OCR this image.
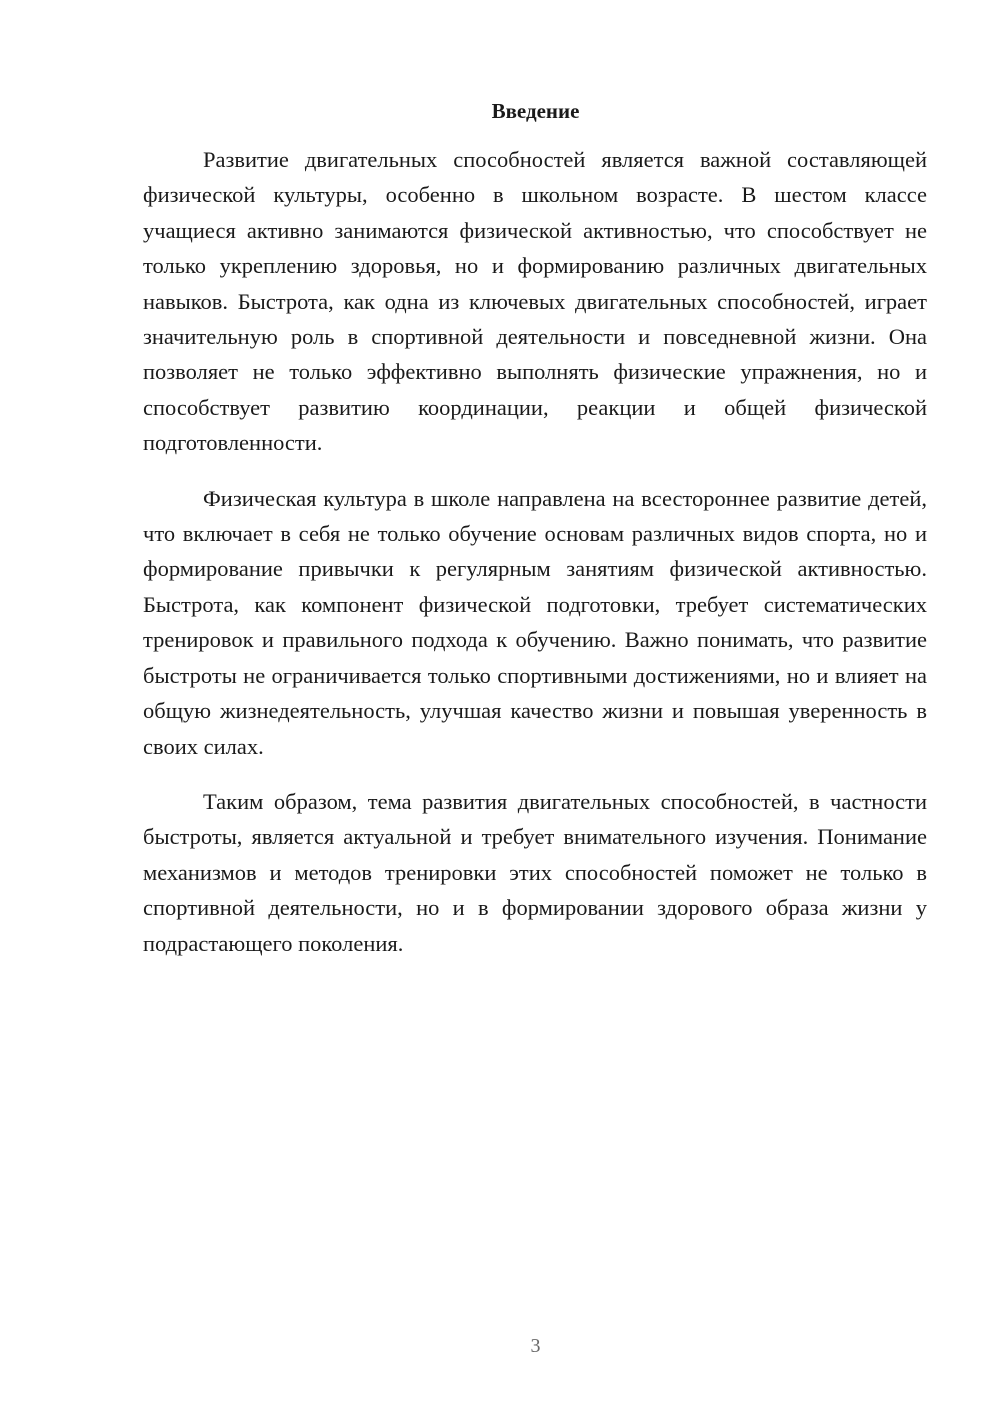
Введение

Развитие двигательных способностей является важной составляющей физической культуры, особенно в школьном возрасте. В шестом классе учащиеся активно занимаются физической активностью, что способствует не только укреплению здоровья, но и формированию различных двигательных навыков. Быстрота, как одна из ключевых двигательных способностей, играет значительную роль в спортивной деятельности и повседневной жизни. Она позволяет не только эффективно выполнять физические упражнения, но и способствует развитию координации, реакции и общей физической подготовленности.

Физическая культура в школе направлена на всестороннее развитие детей, что включает в себя не только обучение основам различных видов спорта, но и формирование привычки к регулярным занятиям физической активностью. Быстрота, как компонент физической подготовки, требует систематических тренировок и правильного подхода к обучению. Важно понимать, что развитие быстроты не ограничивается только спортивными достижениями, но и влияет на общую жизнедеятельность, улучшая качество жизни и повышая уверенность в своих силах.

Таким образом, тема развития двигательных способностей, в частности быстроты, является актуальной и требует внимательного изучения. Понимание механизмов и методов тренировки этих способностей поможет не только в спортивной деятельности, но и в формировании здорового образа жизни у подрастающего поколения.

3
